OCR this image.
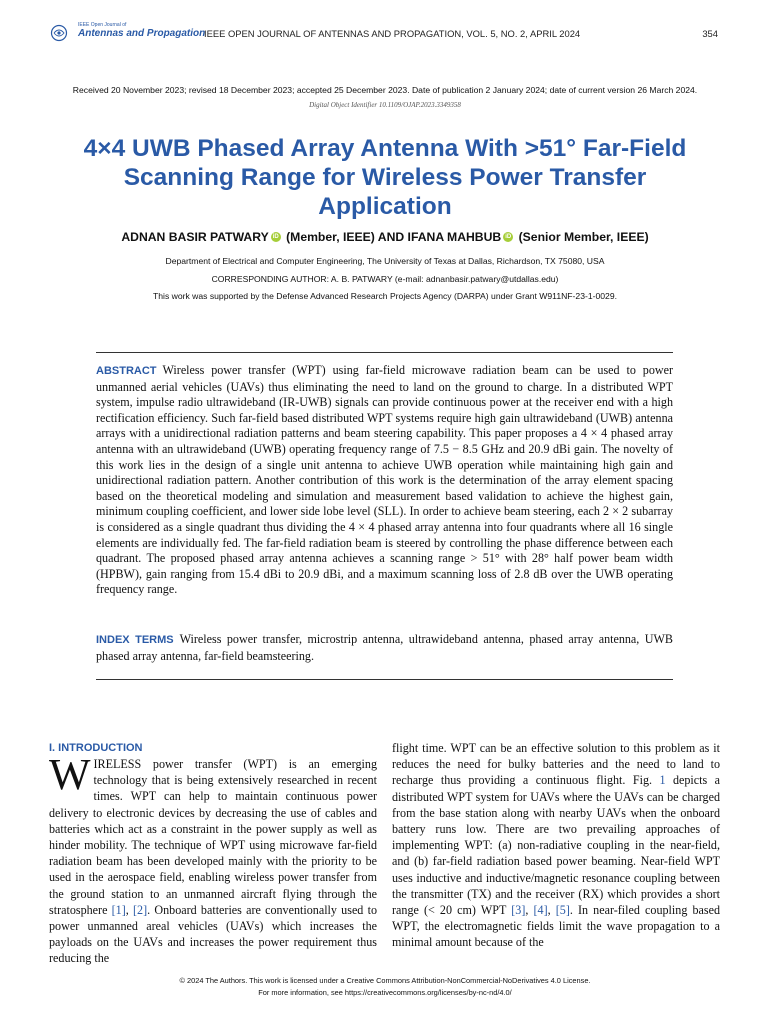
IEEE Open Journal of
Antennas and Propagation
IEEE OPEN JOURNAL OF ANTENNAS AND PROPAGATION, VOL. 5, NO. 2, APRIL 2024	354
Received 20 November 2023; revised 18 December 2023; accepted 25 December 2023. Date of publication 2 January 2024; date of current version 26 March 2024.
Digital Object Identifier 10.1109/OJAP.2023.3349358
4×4 UWB Phased Array Antenna With >51° Far-Field Scanning Range for Wireless Power Transfer Application
ADNAN BASIR PATWARY iD (Member, IEEE) AND IFANA MAHBUB iD (Senior Member, IEEE)
Department of Electrical and Computer Engineering, The University of Texas at Dallas, Richardson, TX 75080, USA
CORRESPONDING AUTHOR: A. B. PATWARY (e-mail: adnanbasir.patwary@utdallas.edu)
This work was supported by the Defense Advanced Research Projects Agency (DARPA) under Grant W911NF-23-1-0029.
ABSTRACT Wireless power transfer (WPT) using far-field microwave radiation beam can be used to power unmanned aerial vehicles (UAVs) thus eliminating the need to land on the ground to charge. In a distributed WPT system, impulse radio ultrawideband (IR-UWB) signals can provide continuous power at the receiver end with a high rectification efficiency. Such far-field based distributed WPT systems require high gain ultrawideband (UWB) antenna arrays with a unidirectional radiation patterns and beam steering capability. This paper proposes a 4 × 4 phased array antenna with an ultrawideband (UWB) operating frequency range of 7.5 − 8.5 GHz and 20.9 dBi gain. The novelty of this work lies in the design of a single unit antenna to achieve UWB operation while maintaining high gain and unidirectional radiation pattern. Another contribution of this work is the determination of the array element spacing based on the theoretical modeling and simulation and measurement based validation to achieve the highest gain, minimum coupling coefficient, and lower side lobe level (SLL). In order to achieve beam steering, each 2 × 2 subarray is considered as a single quadrant thus dividing the 4 × 4 phased array antenna into four quadrants where all 16 single elements are individually fed. The far-field radiation beam is steered by controlling the phase difference between each quadrant. The proposed phased array antenna achieves a scanning range > 51° with 28° half power beam width (HPBW), gain ranging from 15.4 dBi to 20.9 dBi, and a maximum scanning loss of 2.8 dB over the UWB operating frequency range.
INDEX TERMS Wireless power transfer, microstrip antenna, ultrawideband antenna, phased array antenna, UWB phased array antenna, far-field beamsteering.
I. INTRODUCTION
W IRELESS power transfer (WPT) is an emerging technology that is being extensively researched in recent times. WPT can help to maintain continuous power delivery to electronic devices by decreasing the use of cables and batteries which act as a constraint in the power supply as well as hinder mobility. The technique of WPT using microwave far-field radiation beam has been developed mainly with the priority to be used in the aerospace field, enabling wireless power transfer from the ground station to an unmanned aircraft flying through the stratosphere [1], [2]. Onboard batteries are conventionally used to power unmanned areal vehicles (UAVs) which increases the payloads on the UAVs and increases the power requirement thus reducing the
flight time. WPT can be an effective solution to this problem as it reduces the need for bulky batteries and the need to land to recharge thus providing a continuous flight. Fig. 1 depicts a distributed WPT system for UAVs where the UAVs can be charged from the base station along with nearby UAVs when the onboard battery runs low. There are two prevailing approaches of implementing WPT: (a) non-radiative coupling in the near-field, and (b) far-field radiation based power beaming. Near-field WPT uses inductive and inductive/magnetic resonance coupling between the transmitter (TX) and the receiver (RX) which provides a short range (< 20 cm) WPT [3], [4], [5]. In near-filed coupling based WPT, the electromagnetic fields limit the wave propagation to a minimal amount because of the
© 2024 The Authors. This work is licensed under a Creative Commons Attribution-NonCommercial-NoDerivatives 4.0 License.
For more information, see https://creativecommons.org/licenses/by-nc-nd/4.0/
